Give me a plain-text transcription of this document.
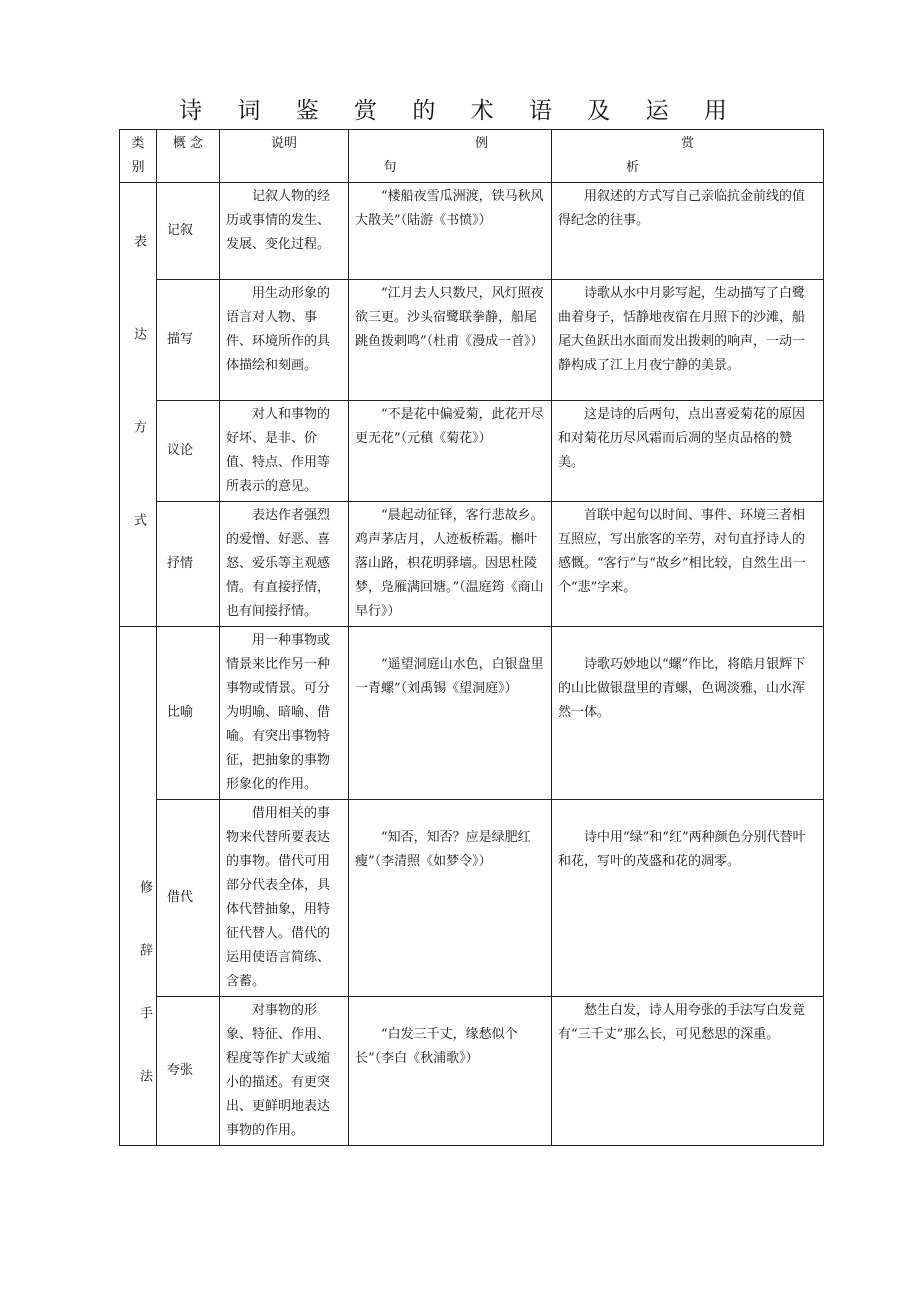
诗 词 鉴 赏 的 术 语 及 运 用
类别	概 念	说明	例句	赏析
表达方式	记叙	记叙人物的经历或事情的发生、发展、变化过程。	“楼船夜雪瓜洲渡，铁马秋风大散关”（陆游《书愤》）	用叙述的方式写自己亲临抗金前线的值得纪念的往事。
	描写	用生动形象的语言对人物、事件、环境所作的具体描绘和刻画。	“江月去人只数尺，风灯照夜欲三更。沙头宿鹭联拳静，船尾跳鱼拨剌鸣”（杜甫《漫成一首》）	诗歌从水中月影写起，生动描写了白鹭曲着身子，恬静地夜宿在月照下的沙滩，船尾大鱼跃出水面而发出拨剌的响声，一动一静构成了江上月夜宁静的美景。
	议论	对人和事物的好坏、是非、价值、特点、作用等所表示的意见。	“不是花中偏爱菊，此花开尽更无花”（元稹《菊花》）	这是诗的后两句，点出喜爱菊花的原因和对菊花历尽风霜而后凋的坚贞品格的赞美。
	抒情	表达作者强烈的爱憎、好恶、喜怒、爱乐等主观感情。有直接抒情，也有间接抒情。	“晨起动征铎，客行悲故乡。鸡声茅店月，人迹板桥霜。槲叶落山路，枳花明驿墙。因思杜陵梦，凫雁满回塘。”（温庭筠《商山早行》）	首联中起句以时间、事件、环境三者相互照应，写出旅客的辛劳，对句直抒诗人的感慨。“客行”与“故乡”相比较，自然生出一个“悲”字来。
修辞手法	比喻	用一种事物或情景来比作另一种事物或情景。可分为明喻、暗喻、借喻。有突出事物特征，把抽象的事物形象化的作用。	“遥望洞庭山水色，白银盘里一青螺”（刘禹锡《望洞庭》）	诗歌巧妙地以“螺”作比，将皓月银辉下的山比做银盘里的青螺，色调淡雅，山水浑然一体。
	借代	借用相关的事物来代替所要表达的事物。借代可用部分代表全体，具体代替抽象，用特征代替人。借代的运用使语言简练、含蓄。	“知否，知否？应是绿肥红瘦”（李清照《如梦令》）	诗中用“绿”和“红”两种颜色分别代替叶和花，写叶的茂盛和花的凋零。
	夸张	对事物的形象、特征、作用、程度等作扩大或缩小的描述。有更突出、更鲜明地表达事物的作用。	“白发三千丈，缘愁似个长”（李白《秋浦歌》）	愁生白发，诗人用夸张的手法写白发竟有“三千丈”那么长，可见愁思的深重。
